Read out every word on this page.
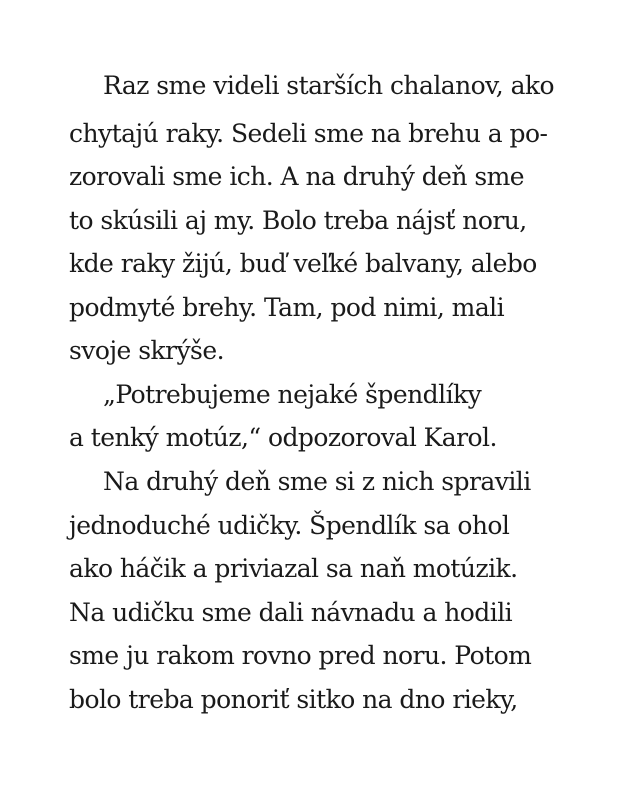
Raz sme videli starších chalanov, ako
chytajú raky. Sedeli sme na brehu a po-
zorovali sme ich. A na druhý deň sme
to skúsili aj my. Bolo treba nájsť noru,
kde raky žijú, buď veľké balvany, alebo
podmyté brehy. Tam, pod nimi, mali
svoje skrýše.
„Potrebujeme nejaké špendlíky
a tenký motúz,“ odpozoroval Karol.
Na druhý deň sme si z nich spravili
jednoduché udičky. Špendlík sa ohol
ako háčik a priviazal sa naň motúzik.
Na udičku sme dali návnadu a hodili
sme ju rakom rovno pred noru. Potom
bolo treba ponoriť sitko na dno rieky,
